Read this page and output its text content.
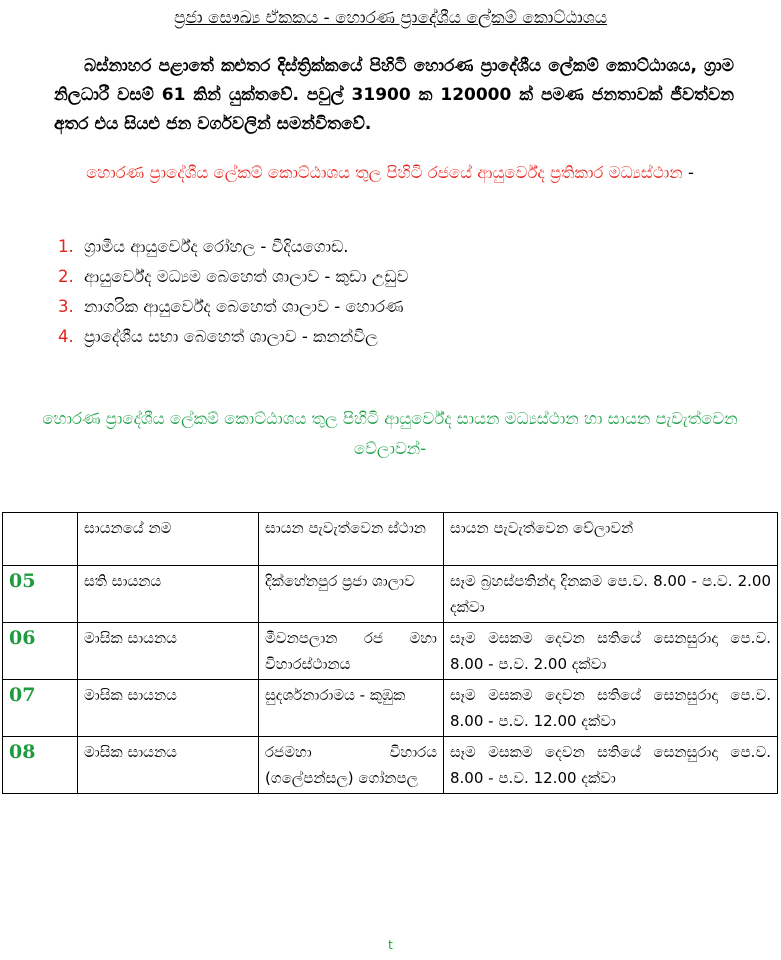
ප්‍රජා සෞඛ්‍ය ඒකකය - හොරණ ප්‍රාදේශීය ලේකම් කොට්ඨාශය

බස්නාහර පළාතේ කළුතර දිස්ත්‍රික්කයේ පිහිටි හොරණ ප්‍රාදේශීය ලේකම් කොට්ඨාශය, ග්‍රාම නිලධාරී වසම් 61 කින් යුක්තවේ. පවුල් 31900 ක 120000 ක් පමණ ජනතාවක් ජීවත්වන අතර එය සියළු ජන වර්ගවලින් සමන්විතවේ.

හොරණ ප්‍රාදේශීය ලේකම් කොට්ඨාශය තුල පිහිටි රජයේ ආයුර්වේද ප්‍රතිකාර මධ්‍යස්ථාන -
1. ග්‍රාමීය ආයුර්වේද රෝහල - වීදියගොඩ.
2. ආයුර්වේද මධ්‍යම බෙහෙත් ශාලාව - කුඩා උඩුව
3. නාගරික ආයුර්වේද බෙහෙත් ශාලාව - හොරණ
4. ප්‍රාදේශීය සභා බෙහෙත් ශාලාව - කනන්විල
හොරණ ප්‍රාදේශීය ලේකම් කොට්ඨාශය තුල පිහිටි ආයුර්වේද සායන මධ්‍යස්ථාන හා සායන පැවැත්වෙන වේලාවන්-
	සායනයේ නම	සායන පැවැත්වෙන ස්ථාන	සායන පැවැත්වෙන වේලාවන්
05	සති සායනය	දික්හේනපුර ප්‍රජා ශාලාව	සෑම බ්‍රහස්පතින්දා දිනකම පෙ.ව. 8.00 - ප.ව. 2.00 දක්වා
06	මාසික සායනය	මීවනපලාන රජ මහා විහාරස්ථානය	සෑම මසකම දෙවන සතියේ සෙනසුරාදා පෙ.ව. 8.00 - ප.ව. 2.00 දක්වා
07	මාසික සායනය	සුදර්ශනාරාමය - කුඹුක	සෑම මසකම දෙවන සතියේ සෙනසුරාදා පෙ.ව. 8.00 - ප.ව. 12.00 දක්වා
08	මාසික සායනය	රජමහා විහාරය (ගලේපන්සල) ගෝනපල	සෑම මසකම දෙවන සතියේ සෙනසුරාදා පෙ.ව. 8.00 - ප.ව. 12.00 දක්වා
t
